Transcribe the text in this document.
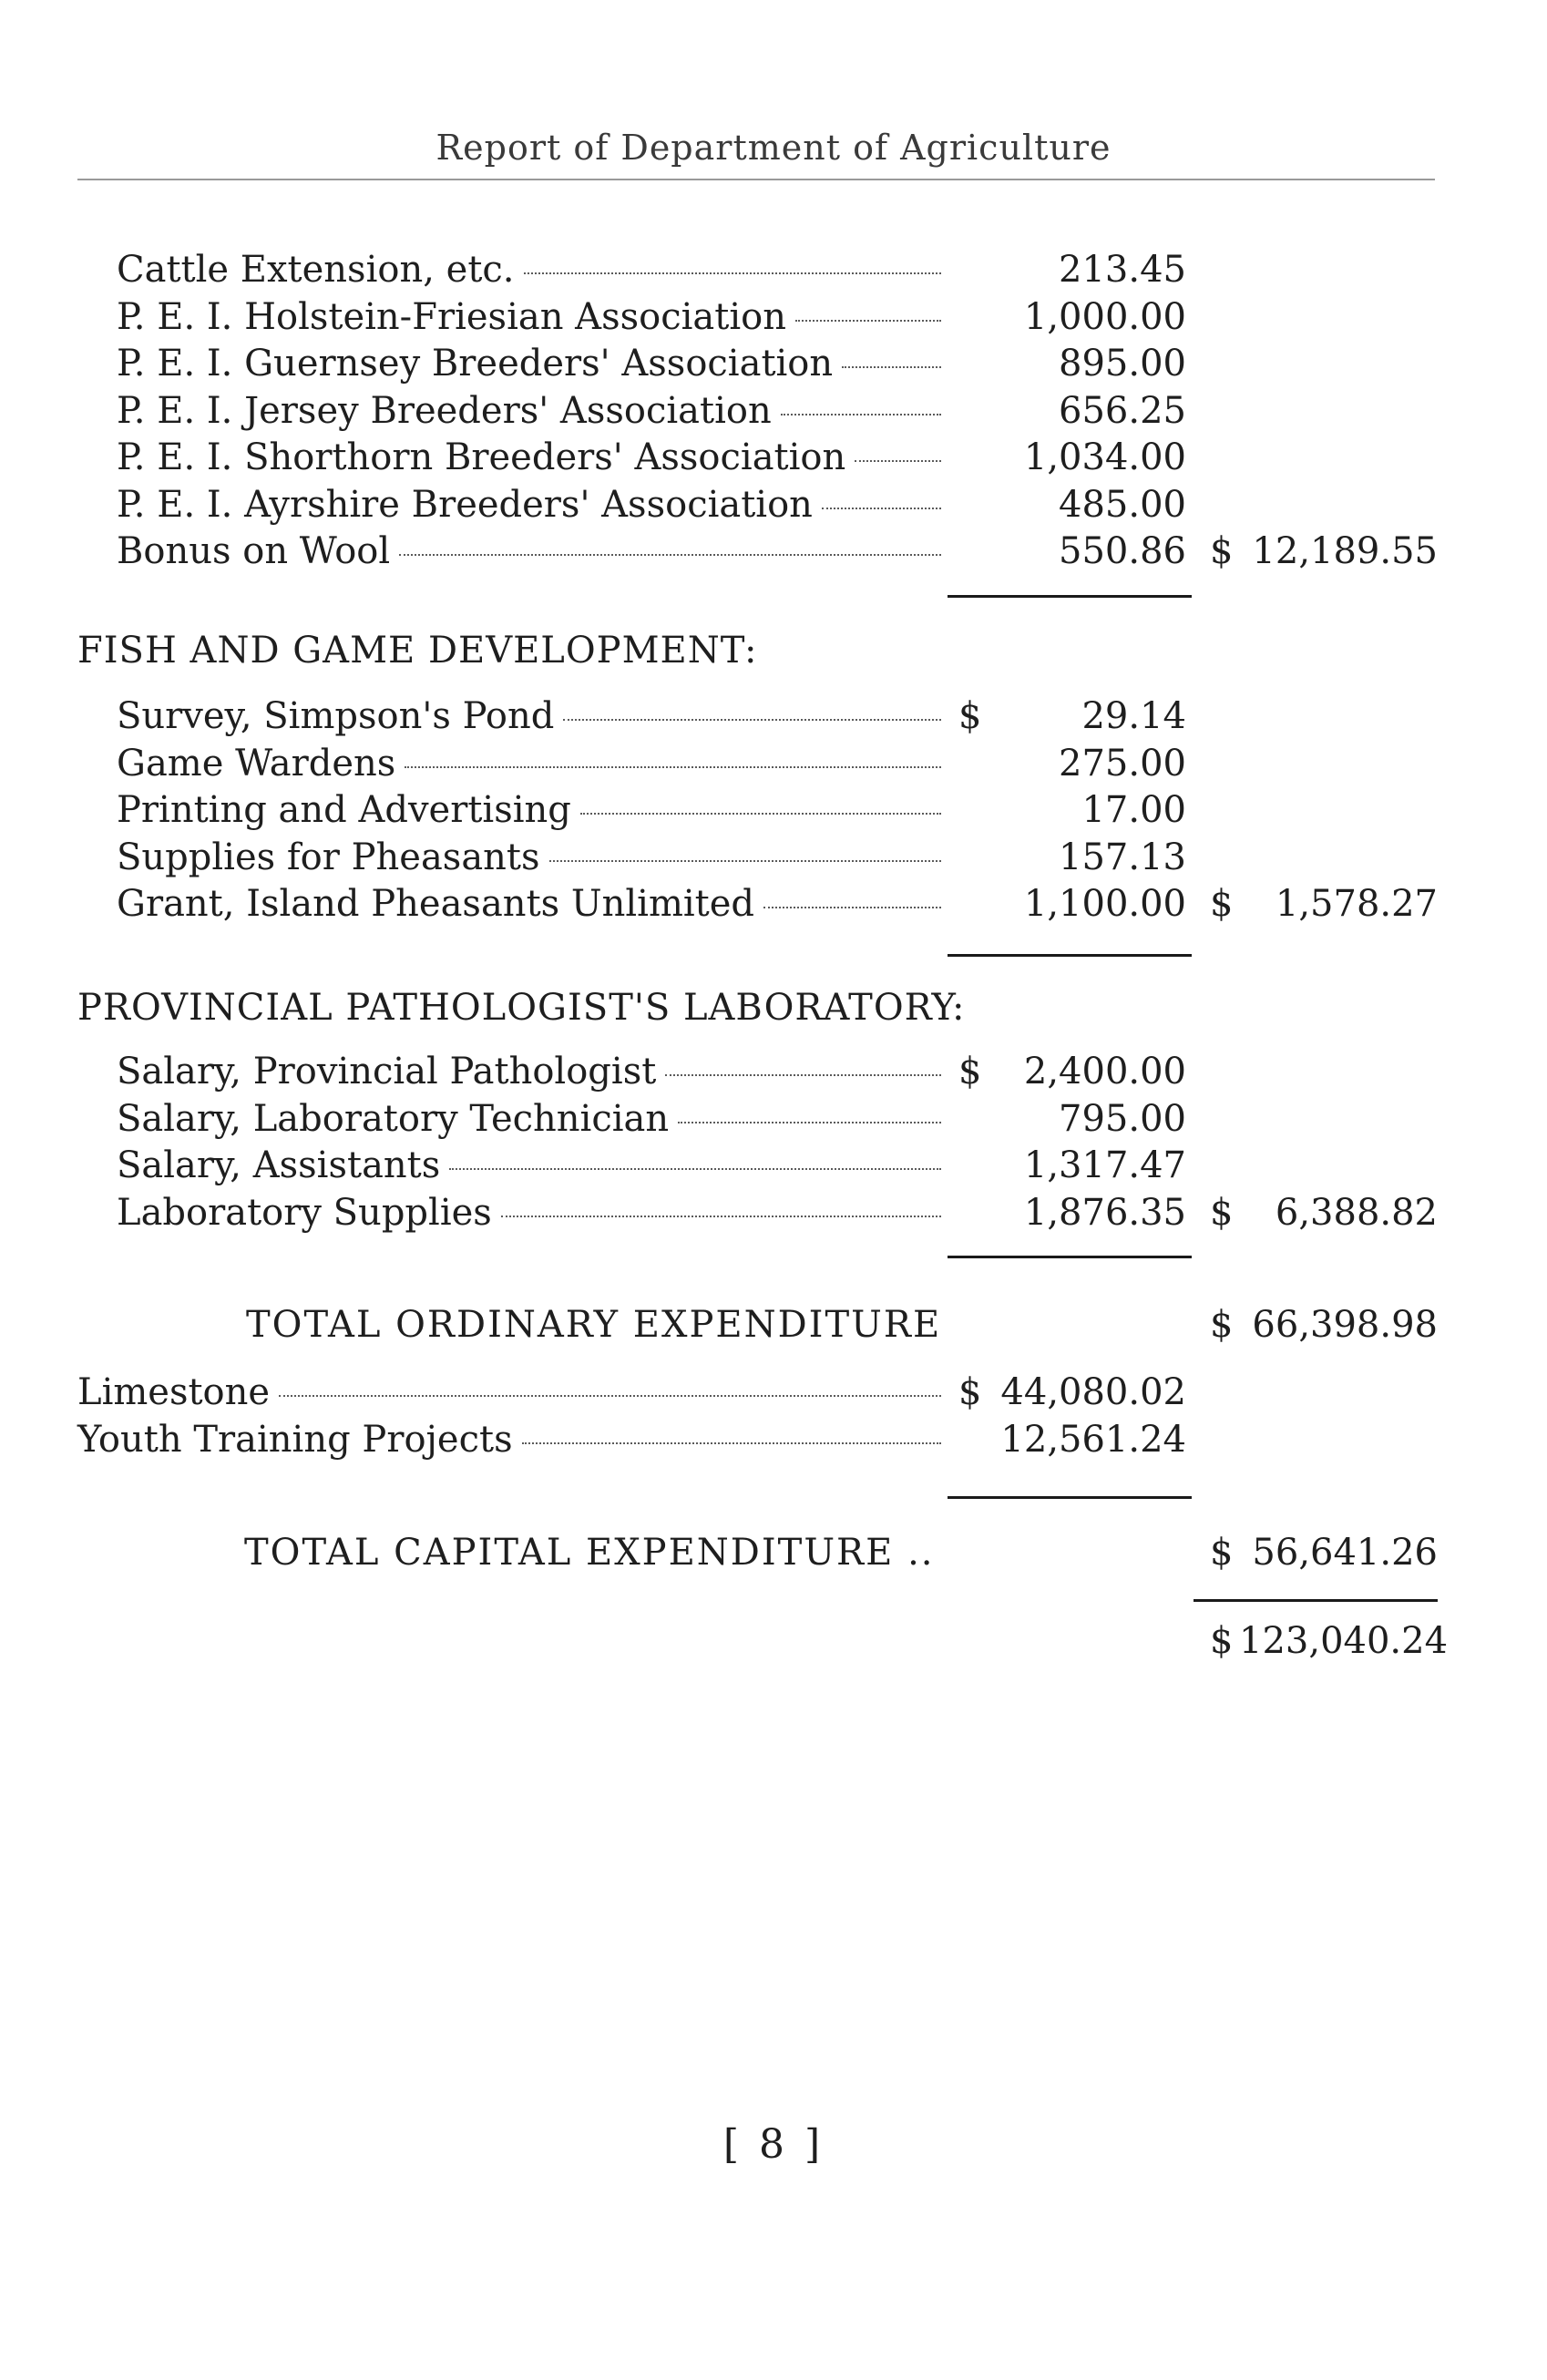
Report of Department of Agriculture
Cattle Extension, etc.	213.45
P. E. I. Holstein-Friesian Association	1,000.00
P. E. I. Guernsey Breeders' Association	895.00
P. E. I. Jersey Breeders' Association	656.25
P. E. I. Shorthorn Breeders' Association	1,034.00
P. E. I. Ayrshire Breeders' Association	485.00
Bonus on Wool	550.86 $ 12,189.55
FISH AND GAME DEVELOPMENT:
Survey, Simpson's Pond	$	29.14
Game Wardens	275.00
Printing and Advertising	17.00
Supplies for Pheasants	157.13
Grant, Island Pheasants Unlimited	1,100.00 $	1,578.27
PROVINCIAL PATHOLOGIST'S LABORATORY:
Salary, Provincial Pathologist	$	2,400.00
Salary, Laboratory Technician	795.00
Salary, Assistants	1,317.47
Laboratory Supplies	1,876.35 $	6,388.82
TOTAL ORDINARY EXPENDITURE	$ 66,398.98
Limestone	$ 44,080.02
Youth Training Projects	12,561.24
TOTAL CAPITAL EXPENDITURE ..	$ 56,641.26
$ 123,040.24
[ 8 ]
